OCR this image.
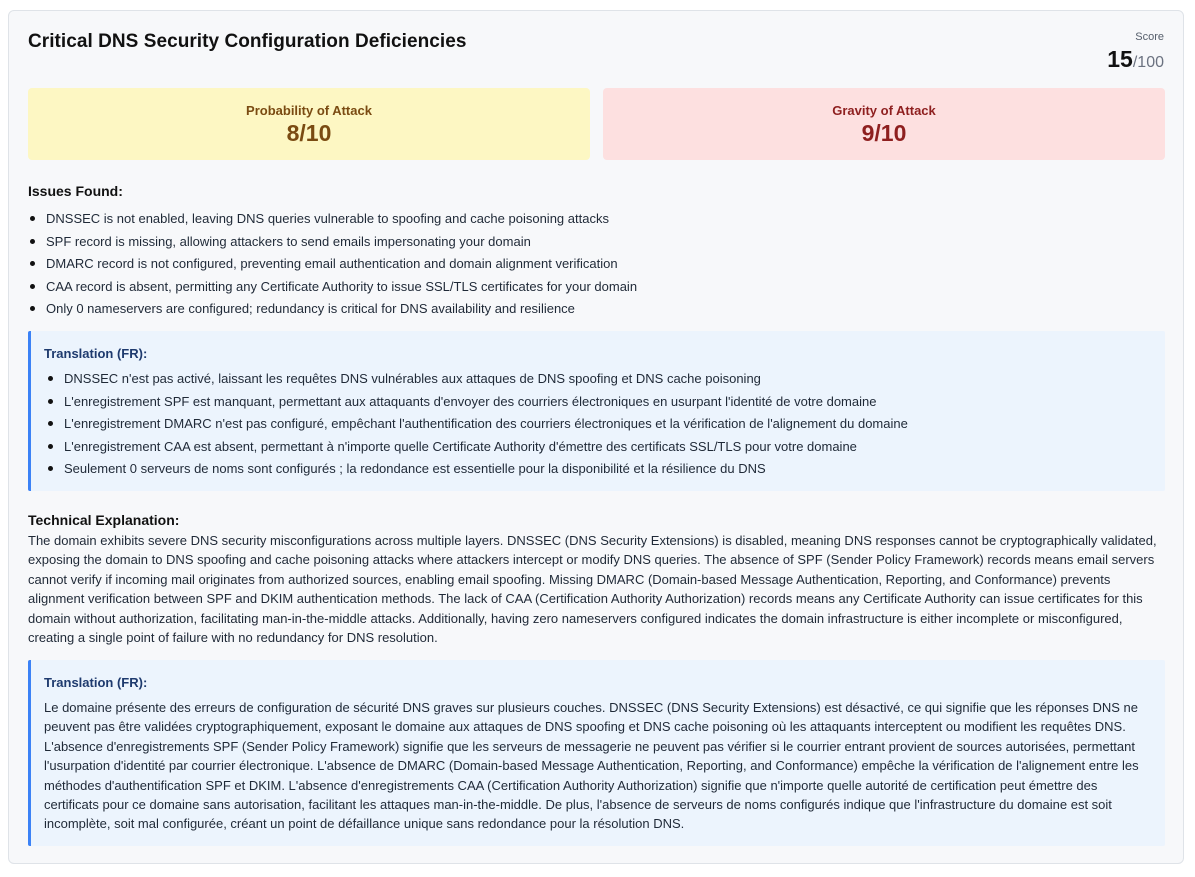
Critical DNS Security Configuration Deficiencies	Score
15/100
Probability of Attack
8/10
Gravity of Attack
9/10
Issues Found:
DNSSEC is not enabled, leaving DNS queries vulnerable to spoofing and cache poisoning attacks
SPF record is missing, allowing attackers to send emails impersonating your domain
DMARC record is not configured, preventing email authentication and domain alignment verification
CAA record is absent, permitting any Certificate Authority to issue SSL/TLS certificates for your domain
Only 0 nameservers are configured; redundancy is critical for DNS availability and resilience
Translation (FR):
DNSSEC n'est pas activé, laissant les requêtes DNS vulnérables aux attaques de DNS spoofing et DNS cache poisoning
L'enregistrement SPF est manquant, permettant aux attaquants d'envoyer des courriers électroniques en usurpant l'identité de votre domaine
L'enregistrement DMARC n'est pas configuré, empêchant l'authentification des courriers électroniques et la vérification de l'alignement du domaine
L'enregistrement CAA est absent, permettant à n'importe quelle Certificate Authority d'émettre des certificats SSL/TLS pour votre domaine
Seulement 0 serveurs de noms sont configurés ; la redondance est essentielle pour la disponibilité et la résilience du DNS
Technical Explanation:
The domain exhibits severe DNS security misconfigurations across multiple layers. DNSSEC (DNS Security Extensions) is disabled, meaning DNS responses cannot be cryptographically validated, exposing the domain to DNS spoofing and cache poisoning attacks where attackers intercept or modify DNS queries. The absence of SPF (Sender Policy Framework) records means email servers cannot verify if incoming mail originates from authorized sources, enabling email spoofing. Missing DMARC (Domain-based Message Authentication, Reporting, and Conformance) prevents alignment verification between SPF and DKIM authentication methods. The lack of CAA (Certification Authority Authorization) records means any Certificate Authority can issue certificates for this domain without authorization, facilitating man-in-the-middle attacks. Additionally, having zero nameservers configured indicates the domain infrastructure is either incomplete or misconfigured, creating a single point of failure with no redundancy for DNS resolution.
Translation (FR):
Le domaine présente des erreurs de configuration de sécurité DNS graves sur plusieurs couches. DNSSEC (DNS Security Extensions) est désactivé, ce qui signifie que les réponses DNS ne peuvent pas être validées cryptographiquement, exposant le domaine aux attaques de DNS spoofing et DNS cache poisoning où les attaquants interceptent ou modifient les requêtes DNS. L'absence d'enregistrements SPF (Sender Policy Framework) signifie que les serveurs de messagerie ne peuvent pas vérifier si le courrier entrant provient de sources autorisées, permettant l'usurpation d'identité par courrier électronique. L'absence de DMARC (Domain-based Message Authentication, Reporting, and Conformance) empêche la vérification de l'alignement entre les méthodes d'authentification SPF et DKIM. L'absence d'enregistrements CAA (Certification Authority Authorization) signifie que n'importe quelle autorité de certification peut émettre des certificats pour ce domaine sans autorisation, facilitant les attaques man-in-the-middle. De plus, l'absence de serveurs de noms configurés indique que l'infrastructure du domaine est soit incomplète, soit mal configurée, créant un point de défaillance unique sans redondance pour la résolution DNS.
